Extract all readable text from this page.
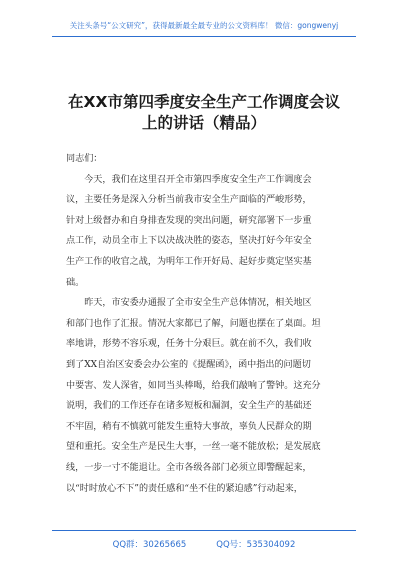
关注头条号“公文研究”，获得最新最全最专业的公文资料库！ 微信：gongwenyj
在XX市第四季度安全生产工作调度会议
上的讲话（精品）
同志们：
　　今天，我们在这里召开全市第四季度安全生产工作调度会
议，主要任务是深入分析当前我市安全生产面临的严峻形势，
针对上级督办和自身排查发现的突出问题，研究部署下一步重
点工作，动员全市上下以决战决胜的姿态，坚决打好今年安全
生产工作的收官之战，为明年工作开好局、起好步奠定坚实基
础。
　　昨天，市安委办通报了全市安全生产总体情况，相关地区
和部门也作了汇报。情况大家都已了解，问题也摆在了桌面。坦
率地讲，形势不容乐观，任务十分艰巨。就在前不久，我们收
到了XX自治区安委会办公室的《提醒函》，函中指出的问题切
中要害、发人深省，如同当头棒喝，给我们敲响了警钟。这充分
说明，我们的工作还存在诸多短板和漏洞，安全生产的基础还
不牢固，稍有不慎就可能发生重特大事故，辜负人民群众的期
望和重托。安全生产是民生大事，一丝一毫不能放松；是发展底
线，一步一寸不能退让。全市各级各部门必须立即警醒起来，
以“时时放心不下”的责任感和“坐不住的紧迫感”行动起来，
QQ群：30265665	QQ号：535304092
